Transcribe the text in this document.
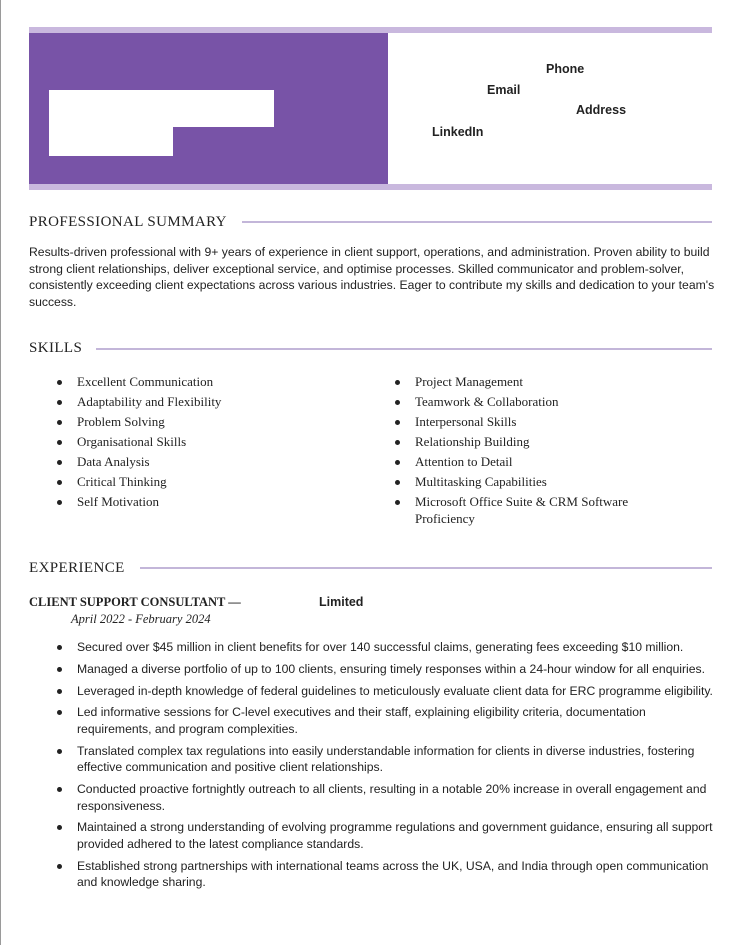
Phone
Email
Address
LinkedIn
PROFESSIONAL SUMMARY
Results-driven professional with 9+ years of experience in client support, operations, and administration. Proven ability to build strong client relationships, deliver exceptional service, and optimise processes. Skilled communicator and problem-solver, consistently exceeding client expectations across various industries. Eager to contribute my skills and dedication to your team's success.
SKILLS
Excellent Communication
Adaptability and Flexibility
Problem Solving
Organisational Skills
Data Analysis
Critical Thinking
Self Motivation
Project Management
Teamwork & Collaboration
Interpersonal Skills
Relationship Building
Attention to Detail
Multitasking Capabilities
Microsoft Office Suite & CRM Software Proficiency
EXPERIENCE
CLIENT SUPPORT CONSULTANT —	Limited
April 2022 - February 2024
Secured over $45 million in client benefits for over 140 successful claims, generating fees exceeding $10 million.
Managed a diverse portfolio of up to 100 clients, ensuring timely responses within a 24-hour window for all enquiries.
Leveraged in-depth knowledge of federal guidelines to meticulously evaluate client data for ERC programme eligibility.
Led informative sessions for C-level executives and their staff, explaining eligibility criteria, documentation requirements, and program complexities.
Translated complex tax regulations into easily understandable information for clients in diverse industries, fostering effective communication and positive client relationships.
Conducted proactive fortnightly outreach to all clients, resulting in a notable 20% increase in overall engagement and responsiveness.
Maintained a strong understanding of evolving programme regulations and government guidance, ensuring all support provided adhered to the latest compliance standards.
Established strong partnerships with international teams across the UK, USA, and India through open communication and knowledge sharing.
